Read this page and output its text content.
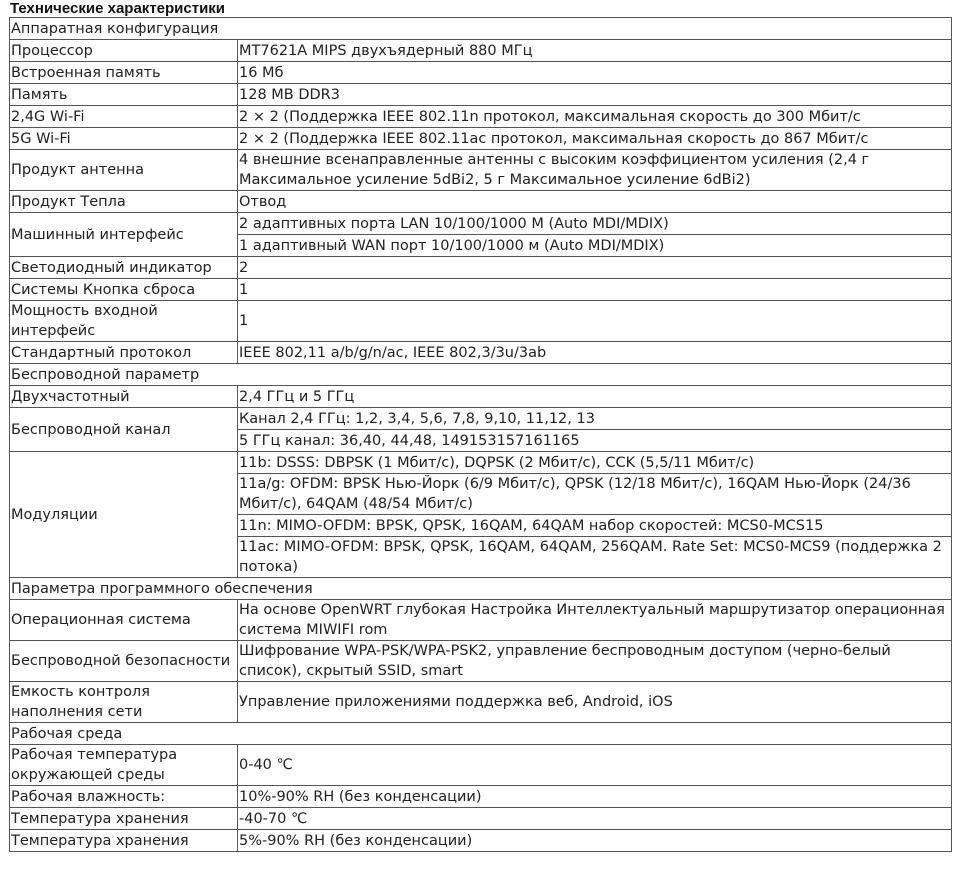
Технические характеристики
Аппаратная конфигурация	
Процессор	MT7621A MIPS двухъядерный 880 МГц
Встроенная память	16 Мб
Память	128 MB DDR3
2,4G Wi-Fi	2 × 2 (Поддержка IEEE 802.11n протокол, максимальная скорость до 300 Мбит/с
5G Wi-Fi	2 × 2 (Поддержка IEEE 802.11ac протокол, максимальная скорость до 867 Мбит/с
Продукт антенна	4 внешние всенаправленные антенны с высоким коэффициентом усиления (2,4 г Максимальное усиление 5dBi2, 5 г Максимальное усиление 6dBi2)
Продукт Тепла	Отвод
Машинный интерфейс	2 адаптивных порта LAN 10/100/1000 М (Auto MDI/MDIX)
	1 адаптивный WAN порт 10/100/1000 м (Auto MDI/MDIX)
Светодиодный индикатор	2
Системы Кнопка сброса	1
Мощность входной интерфейс	1
Стандартный протокол	IEEE 802,11 a/b/g/n/ac, IEEE 802,3/3u/3ab
Беспроводной параметр	
Двухчастотный	2,4 ГГц и 5 ГГц
Беспроводной канал	Канал 2,4 ГГц: 1,2, 3,4, 5,6, 7,8, 9,10, 11,12, 13
	5 ГГц канал: 36,40, 44,48, 149153157161165
Модуляции	11b: DSSS: DBPSK (1 Мбит/с), DQPSK (2 Мбит/с), CCK (5,5/11 Мбит/с)
	11a/g: OFDM: BPSK Нью-Йорк (6/9 Мбит/с), QPSK (12/18 Мбит/с), 16QAM Нью-Йорк (24/36 Мбит/с), 64QAM (48/54 Мбит/с)
	11n: MIMO-OFDM: BPSK, QPSK, 16QAM, 64QAM набор скоростей: MCS0-MCS15
	11ac: MIMO-OFDM: BPSK, QPSK, 16QAM, 64QAM, 256QAM. Rate Set: MCS0-MCS9 (поддержка 2 потока)
Параметра программного обеспечения	
Операционная система	На основе OpenWRT глубокая Настройка Интеллектуальный маршрутизатор операционная система MIWIFI rom
Беспроводной безопасности	Шифрование WPA-PSK/WPA-PSK2, управление беспроводным доступом (черно-белый список), скрытый SSID, smart
Емкость контроля наполнения сети	Управление приложениями поддержка веб, Android, iOS
Рабочая среда	
Рабочая температура окружающей среды	0-40 ℃
Рабочая влажность:	10%-90% RH (без конденсации)
Температура хранения	-40-70 ℃
Температура хранения	5%-90% RH (без конденсации)
